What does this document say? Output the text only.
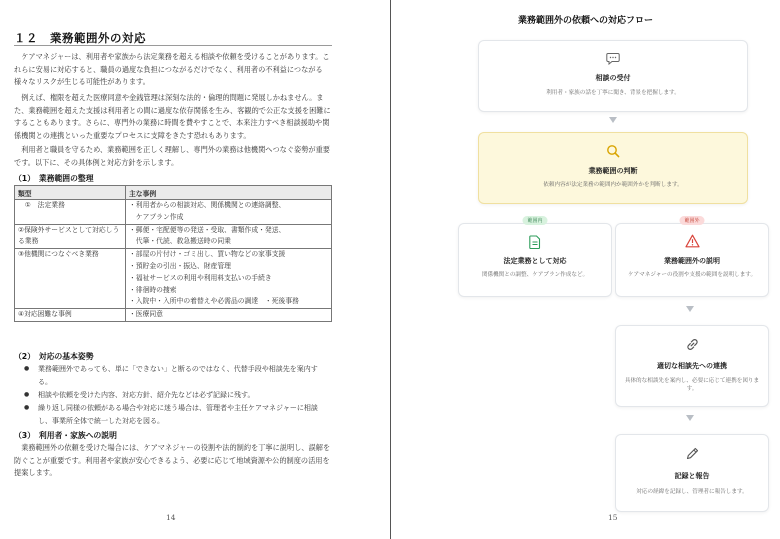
１２　業務範囲外の対応
　ケアマネジャーは、利用者や家族から法定業務を超える相談や依頼を受けることがあります。これらに安易に対応すると、職員の過度な負担につながるだけでなく、利用者の不利益につながる様々なリスクが生じる可能性があります。
　例えば、権限を超えた医療同意や金銭管理は深刻な法的・倫理的問題に発展しかねません。また、業務範囲を超えた支援は利用者との間に過度な依存関係を生み、客観的で公正な支援を困難にすることもあります。さらに、専門外の業務に時間を費やすことで、本来注力すべき相談援助や関係機関との連携といった重要なプロセスに支障をきたす恐れもあります。
　利用者と職員を守るため、業務範囲を正しく理解し、専門外の業務は他機関へつなぐ姿勢が重要です。以下に、その具体例と対応方針を示します。
（1）　業務範囲の整理
類型	主な事例
　①　法定業務	・利用者からの相談対応、関係機関との連絡調整、
　ケアプラン作成

②保険外サービスとして対応しうる業務	・郵便・宅配便等の発送・受取、書類作成・発送、
　代筆・代読、救急搬送時の同乗

③他機関につなぐべき業務	・部屋の片付け・ゴミ出し、買い物などの家事支援
・預貯金の引出・振込、財産管理
・福祉サービスの利用や利用料支払いの手続き
・徘徊時の捜索
・入院中・入所中の着替えや必需品の調達　・死後事務

④対応困難な事例	・医療同意
（2）　対応の基本姿勢
●	業務範囲外であっても、単に「できない」と断るのではなく、代替手段や相談先を案内する。
●	相談や依頼を受けた内容、対応方針、紹介先などは必ず記録に残す。
●	繰り返し同様の依頼がある場合や対応に迷う場合は、管理者や主任ケアマネジャーに相談し、事業所全体で統一した対応を図る。
（3）　利用者・家族への説明
　業務範囲外の依頼を受けた場合には、ケアマネジャーの役割や法的制約を丁寧に説明し、誤解を防ぐことが重要です。利用者や家族が安心できるよう、必要に応じて地域資源や公的制度の活用を提案します。
14
業務範囲外の依頼への対応フロー
相談の受付
利用者・家族の話を丁寧に聞き、背景を把握します。
業務範囲の判断
依頼内容が法定業務の範囲内か範囲外かを判断します。
範囲内
法定業務として対応
関係機関との調整、ケアプラン作成など。
範囲外
業務範囲外の説明
ケアマネジャーの役割や支援の範囲を説明します。
適切な相談先への連携
具体的な相談先を案内し、必要に応じて連携を図ります。
記録と報告
対応の経緯を記録し、管理者に報告します。
15
